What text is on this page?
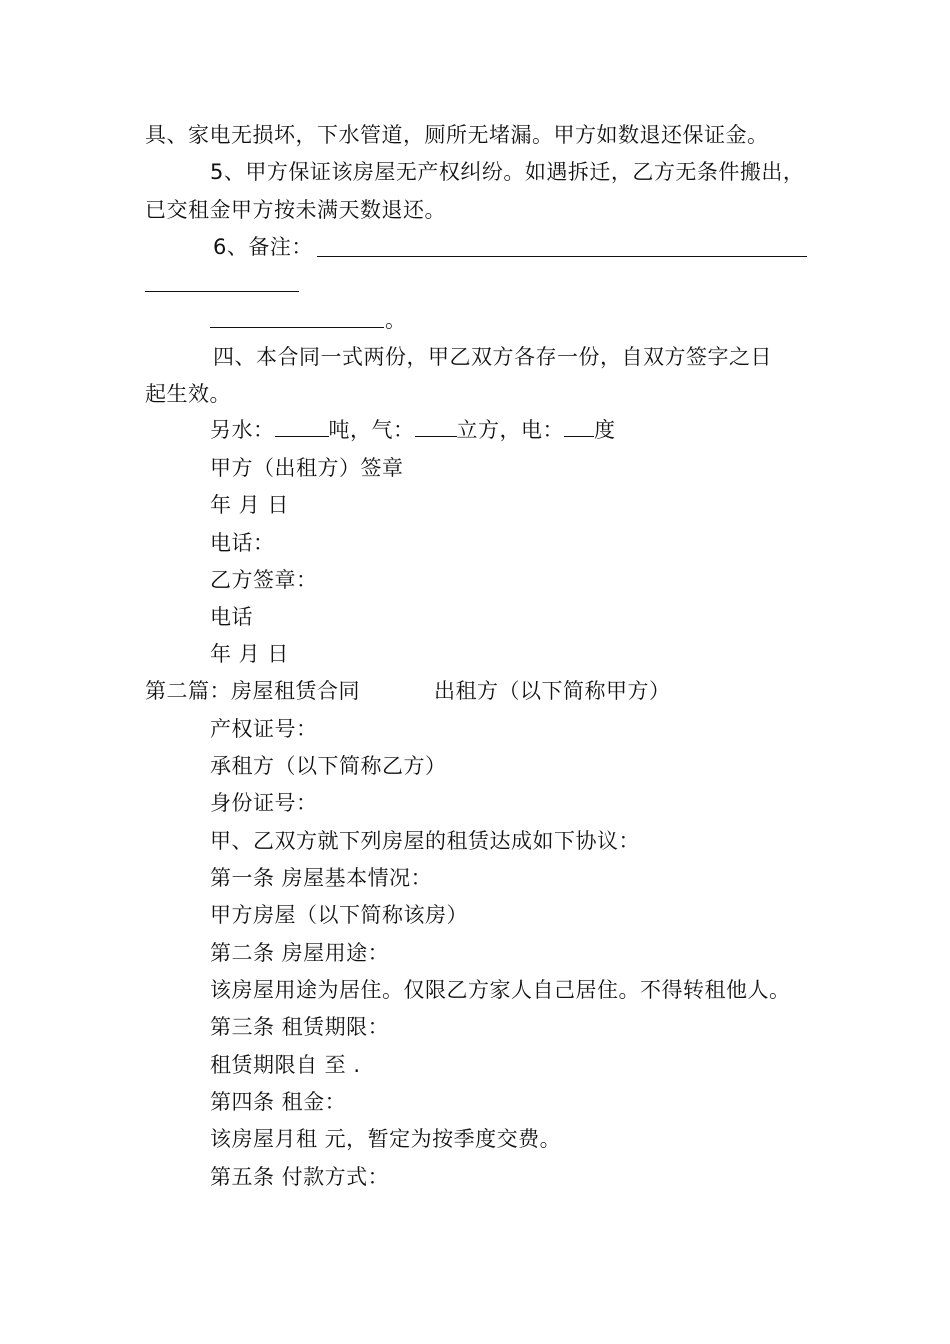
具、家电无损坏，下水管道，厕所无堵漏。甲方如数退还保证金。
5、甲方保证该房屋无产权纠纷。如遇拆迁，乙方无条件搬出，
已交租金甲方按未满天数退还。
6、备注：
。
四、本合同一式两份，甲乙双方各存一份，自双方签字之日
起生效。
另水：	吨，气： 立方，电： 度
甲方（出租方）签章
年 月 日
电话：
乙方签章：
电话
年 月 日
第二篇：房屋租赁合同	出租方（以下简称甲方）
产权证号：
承租方（以下简称乙方）
身份证号：
甲、乙双方就下列房屋的租赁达成如下协议：
第一条 房屋基本情况：
甲方房屋（以下简称该房）
第二条 房屋用途：
该房屋用途为居住。仅限乙方家人自己居住。不得转租他人。
第三条 租赁期限：
租赁期限自 至 .
第四条 租金：
该房屋月租 元，暂定为按季度交费。
第五条 付款方式：
